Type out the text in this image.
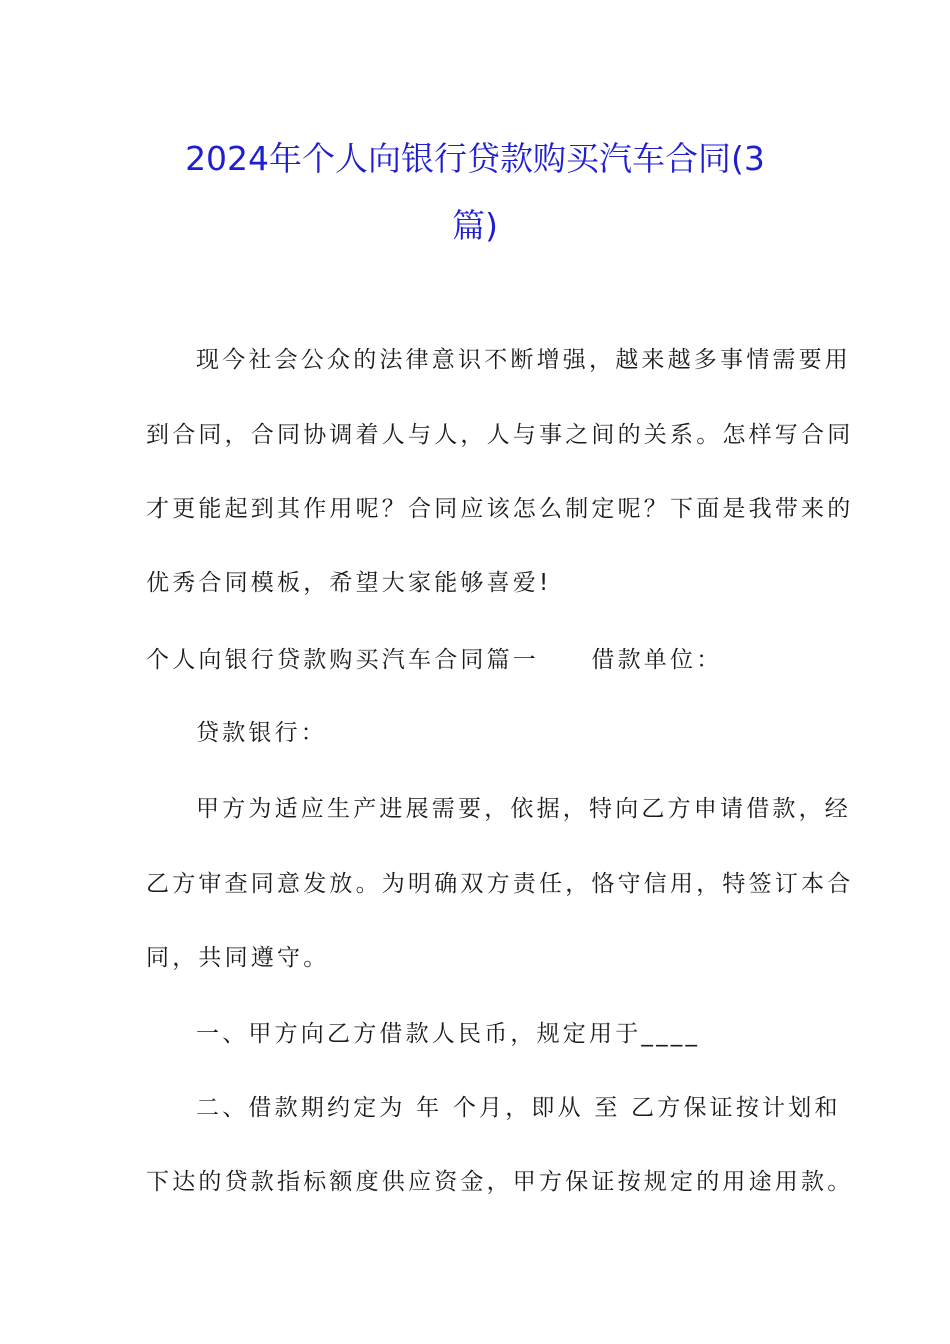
2024年个人向银行贷款购买汽车合同(3
篇)
现今社会公众的法律意识不断增强，越来越多事情需要用
到合同，合同协调着人与人，人与事之间的关系。怎样写合同
才更能起到其作用呢？合同应该怎么制定呢？下面是我带来的
优秀合同模板，希望大家能够喜爱!
个人向银行贷款购买汽车合同篇一　　借款单位：
贷款银行：
甲方为适应生产进展需要，依据，特向乙方申请借款，经
乙方审查同意发放。为明确双方责任，恪守信用，特签订本合
同，共同遵守。
一、甲方向乙方借款人民币，规定用于____
二、借款期约定为 年 个月，即从 至 乙方保证按计划和
下达的贷款指标额度供应资金，甲方保证按规定的用途用款。
